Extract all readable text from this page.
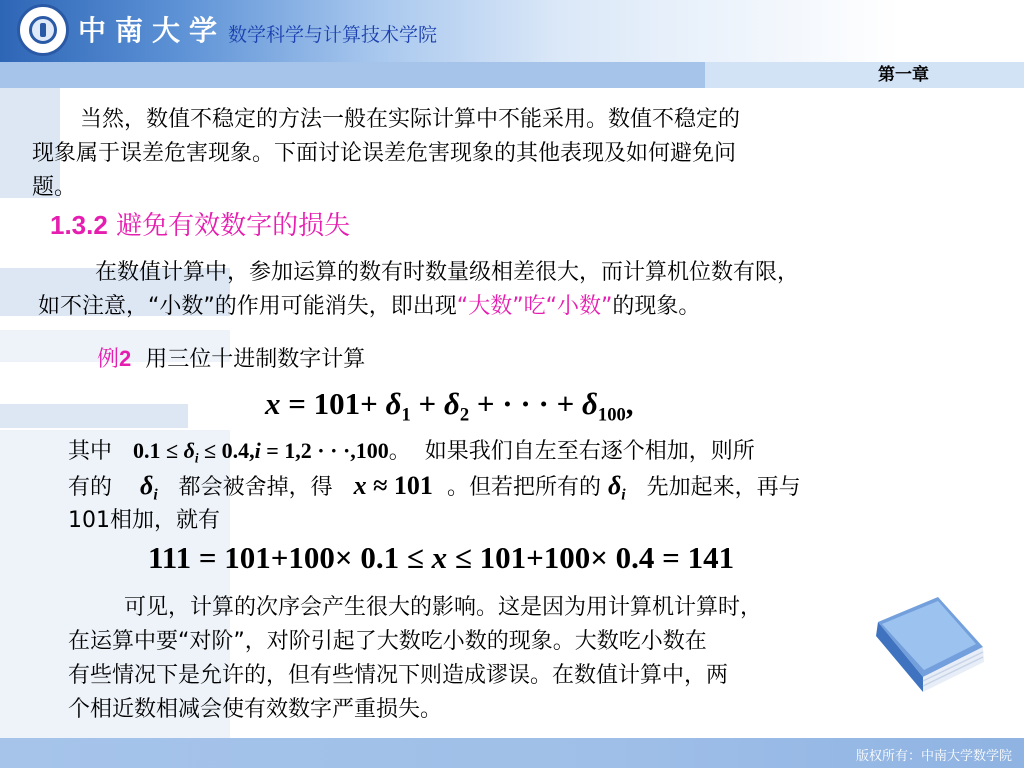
中南大学 数学科学与计算技术学院
第一章
当然，数值不稳定的方法一般在实际计算中不能采用。数值不稳定的
现象属于误差危害现象。下面讨论误差危害现象的其他表现及如何避免问
题。
1.3.2 避免有效数字的损失
在数值计算中，参加运算的数有时数量级相差很大，而计算机位数有限，
如不注意，“小数”的作用可能消失，即出现“大数”吃“小数”的现象。
例2 用三位十进制数字计算
$x = 101+ \delta_1 + \delta_2$ + · · · + $\delta_{100}$,
其中 $0.1 \le \delta_i \le 0.4,i = 1,2$ · · ·,100。 如果我们自左至右逐个相加，则所
有的 $\delta_i$ 都会被舍掉，得 x ≈ 101 。但若把所有的 $\delta_i$ 先加起来，再与
101相加，就有
111 = 101+100× 0.1 ≤ x ≤ 101+100× 0.4 = 141
可见，计算的次序会产生很大的影响。这是因为用计算机计算时，
在运算中要“对阶”，对阶引起了大数吃小数的现象。大数吃小数在
有些情况下是允许的，但有些情况下则造成谬误。在数值计算中，两
个相近数相减会使有效数字严重损失。
版权所有：中南大学数学院
